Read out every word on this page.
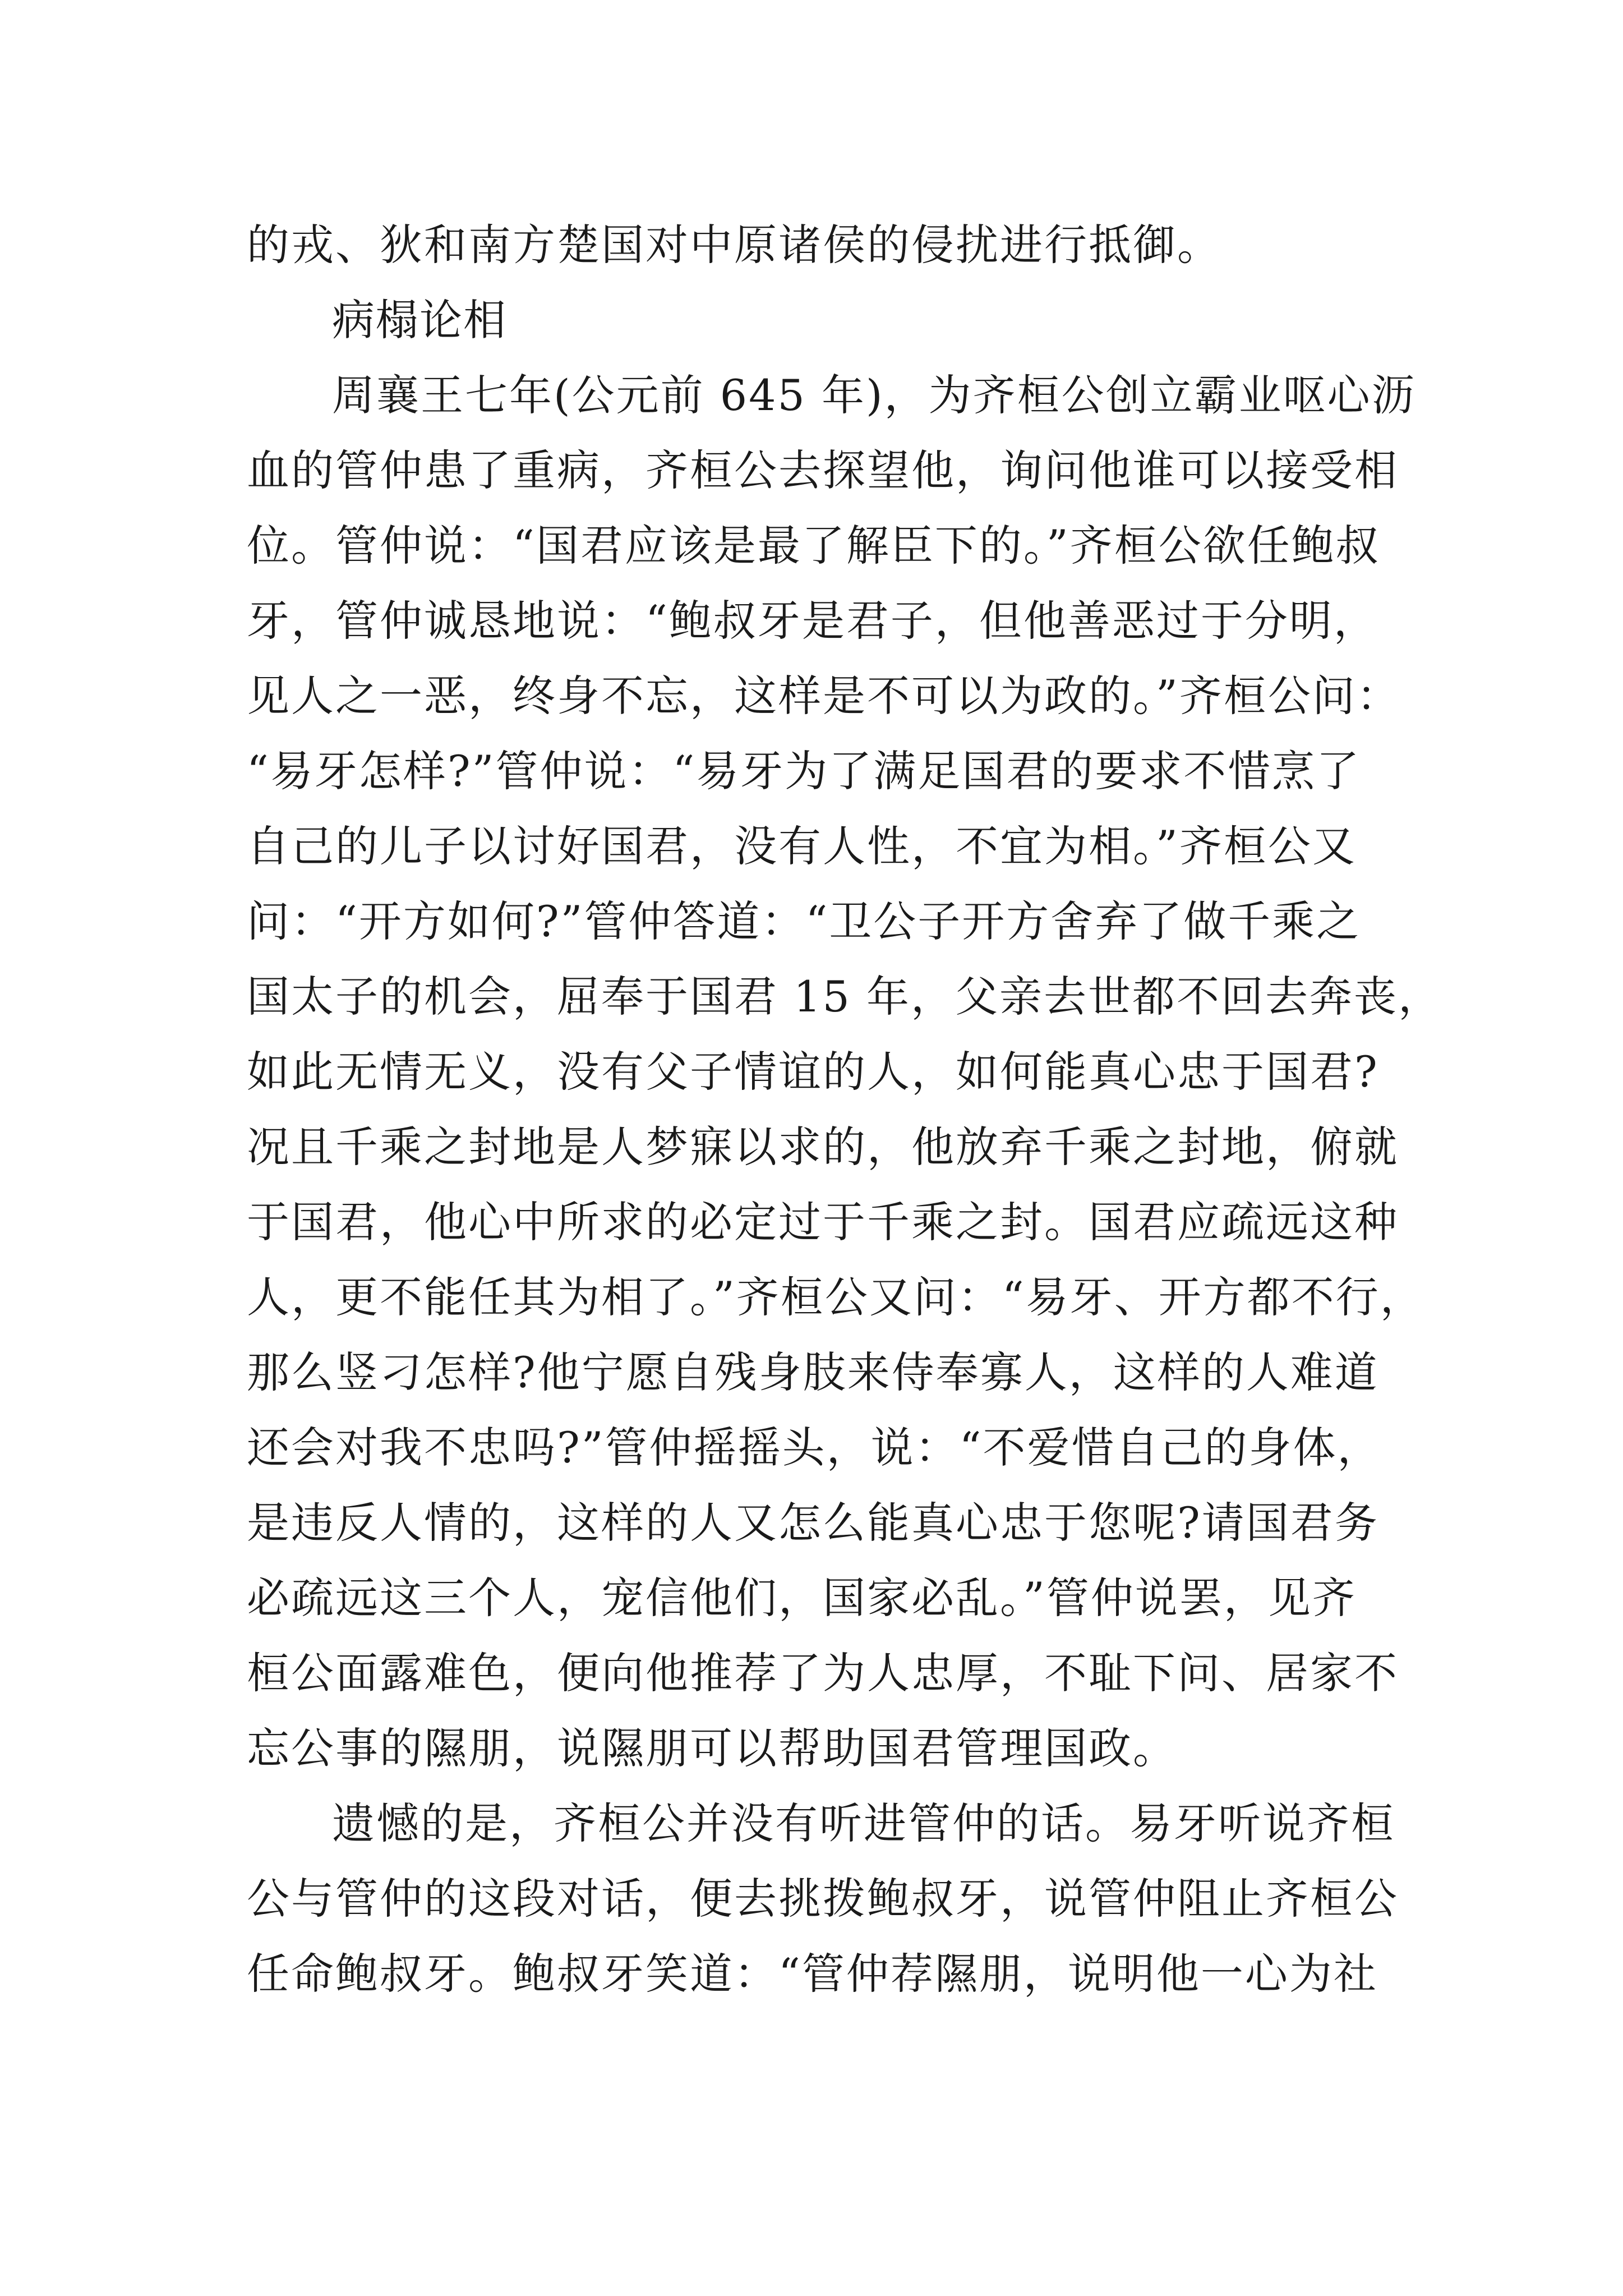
的戎、狄和南方楚国对中原诸侯的侵扰进行抵御。
病榻论相
周襄王七年(公元前 645 年)，为齐桓公创立霸业呕心沥
血的管仲患了重病，齐桓公去探望他，询问他谁可以接受相
位。管仲说：“国君应该是最了解臣下的。”齐桓公欲任鲍叔
牙，管仲诚恳地说：“鲍叔牙是君子，但他善恶过于分明，
见人之一恶，终身不忘，这样是不可以为政的。”齐桓公问：
“易牙怎样?”管仲说：“易牙为了满足国君的要求不惜烹了
自己的儿子以讨好国君，没有人性，不宜为相。”齐桓公又
问：“开方如何?”管仲答道：“卫公子开方舍弃了做千乘之
国太子的机会，屈奉于国君 15 年，父亲去世都不回去奔丧，
如此无情无义，没有父子情谊的人，如何能真心忠于国君?
况且千乘之封地是人梦寐以求的，他放弃千乘之封地，俯就
于国君，他心中所求的必定过于千乘之封。国君应疏远这种
人，更不能任其为相了。”齐桓公又问：“易牙、开方都不行，
那么竖刁怎样?他宁愿自残身肢来侍奉寡人，这样的人难道
还会对我不忠吗?”管仲摇摇头，说：“不爱惜自己的身体，
是违反人情的，这样的人又怎么能真心忠于您呢?请国君务
必疏远这三个人，宠信他们，国家必乱。”管仲说罢，见齐
桓公面露难色，便向他推荐了为人忠厚，不耻下问、居家不
忘公事的隰朋，说隰朋可以帮助国君管理国政。
遗憾的是，齐桓公并没有听进管仲的话。易牙听说齐桓
公与管仲的这段对话，便去挑拨鲍叔牙，说管仲阻止齐桓公
任命鲍叔牙。鲍叔牙笑道：“管仲荐隰朋，说明他一心为社
